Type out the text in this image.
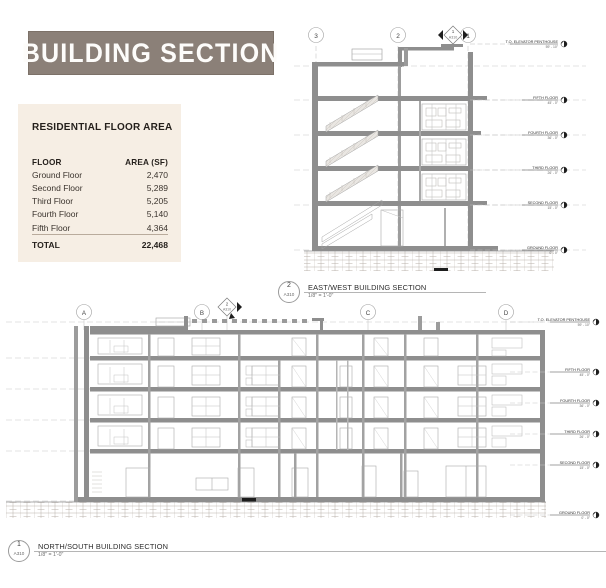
BUILDING SECTION
RESIDENTIAL FLOOR AREA
FLOOR	AREA (SF)
Ground Floor	2,470
Second Floor	5,289
Third Floor	5,205
Fourth Floor	5,140
Fifth Floor	4,364
TOTAL	22,468
3	2	1
1
A310
T.O. ELEVATOR PENTHOUSE
59' - 10"
FIFTH FLOOR
45' - 0"
FOURTH FLOOR
36' - 0"
THIRD FLOOR
26' - 0"
SECOND FLOOR
15' - 0"
GROUND FLOOR
0' - 0"
2
A310
EAST/WEST BUILDING SECTION
1/8" = 1'-0"
A	B	C	D
2
A310
T.O. ELEVATOR PENTHOUSE
59' - 10"
FIFTH FLOOR
45' - 0"
FOURTH FLOOR
36' - 0"
THIRD FLOOR
26' - 0"
SECOND FLOOR
15' - 0"
GROUND FLOOR
0' - 0"
1
A310
NORTH/SOUTH BUILDING SECTION
1/8" = 1'-0"
